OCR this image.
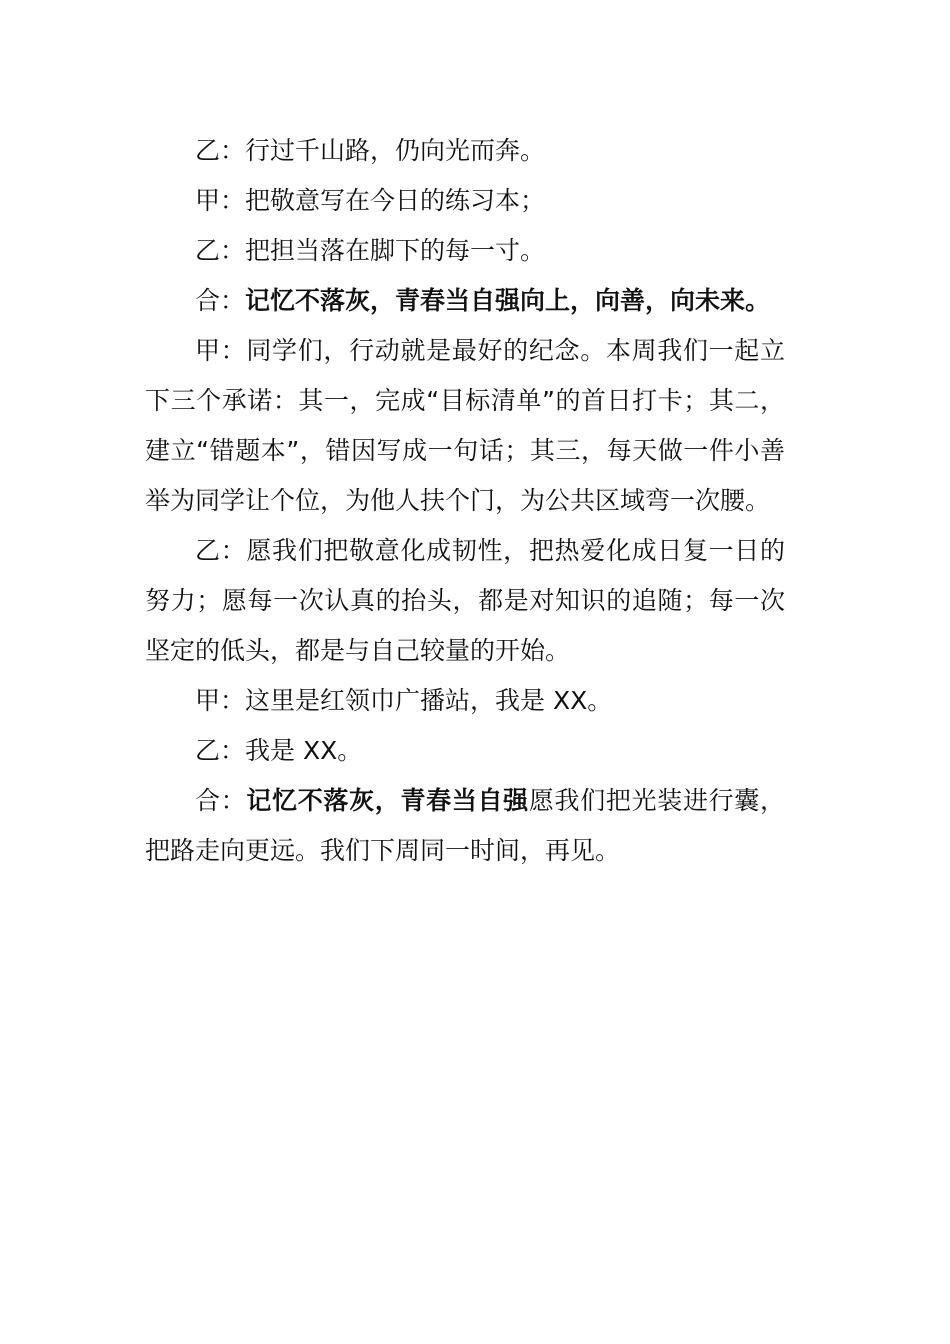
乙：行过千山路，仍向光而奔。

甲：把敬意写在今日的练习本；

乙：把担当落在脚下的每一寸。

合：记忆不落灰，青春当自强向上，向善，向未来。

甲：同学们，行动就是最好的纪念。本周我们一起立下三个承诺：其一，完成“目标清单”的首日打卡；其二，建立“错题本”，错因写成一句话；其三，每天做一件小善举为同学让个位，为他人扶个门，为公共区域弯一次腰。

乙：愿我们把敬意化成韧性，把热爱化成日复一日的努力；愿每一次认真的抬头，都是对知识的追随；每一次坚定的低头，都是与自己较量的开始。

甲：这里是红领巾广播站，我是 XX。

乙：我是 XX。

合：记忆不落灰，青春当自强愿我们把光装进行囊，把路走向更远。我们下周同一时间，再见。
